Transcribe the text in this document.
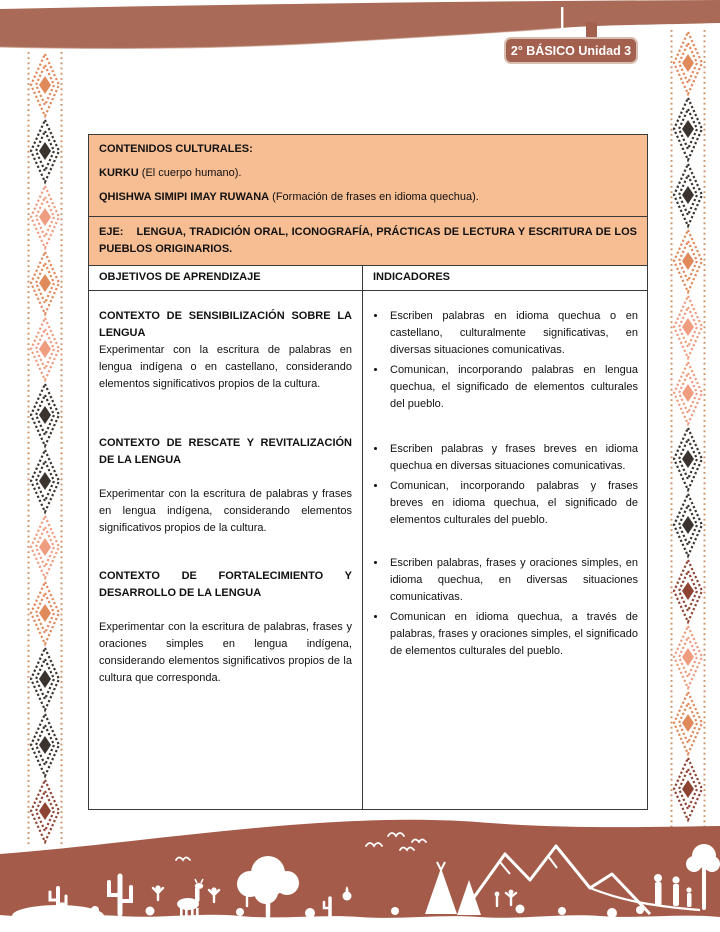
2° BÁSICO Unidad 3
CONTENIDOS CULTURALES:
KURKU (El cuerpo humano).
QHISHWA SIMIPI IMAY RUWANA (Formación de frases en idioma quechua).
EJE: LENGUA, TRADICIÓN ORAL, ICONOGRAFÍA, PRÁCTICAS DE LECTURA Y ESCRITURA DE LOS PUEBLOS ORIGINARIOS.
OBJETIVOS DE APRENDIZAJE	INDICADORES

CONTEXTO DE SENSIBILIZACIÓN SOBRE LA LENGUA

Experimentar con la escritura de palabras en lengua indígena o en castellano, considerando elementos significativos propios de la cultura.

• Escriben palabras en idioma quechua o en castellano, culturalmente significativas, en diversas situaciones comunicativas.
• Comunican, incorporando palabras en lengua quechua, el significado de elementos culturales del pueblo.

CONTEXTO DE RESCATE Y REVITALIZACIÓN DE LA LENGUA

Experimentar con la escritura de palabras y frases en lengua indígena, considerando elementos significativos propios de la cultura.

• Escriben palabras y frases breves en idioma quechua en diversas situaciones comunicativas.
• Comunican, incorporando palabras y frases breves en idioma quechua, el significado de elementos culturales del pueblo.

CONTEXTO DE FORTALECIMIENTO Y DESARROLLO DE LA LENGUA

Experimentar con la escritura de palabras, frases y oraciones simples en lengua indígena, considerando elementos significativos propios de la cultura que corresponda.

• Escriben palabras, frases y oraciones simples, en idioma quechua, en diversas situaciones comunicativas.
• Comunican en idioma quechua, a través de palabras, frases y oraciones simples, el significado de elementos culturales del pueblo.
